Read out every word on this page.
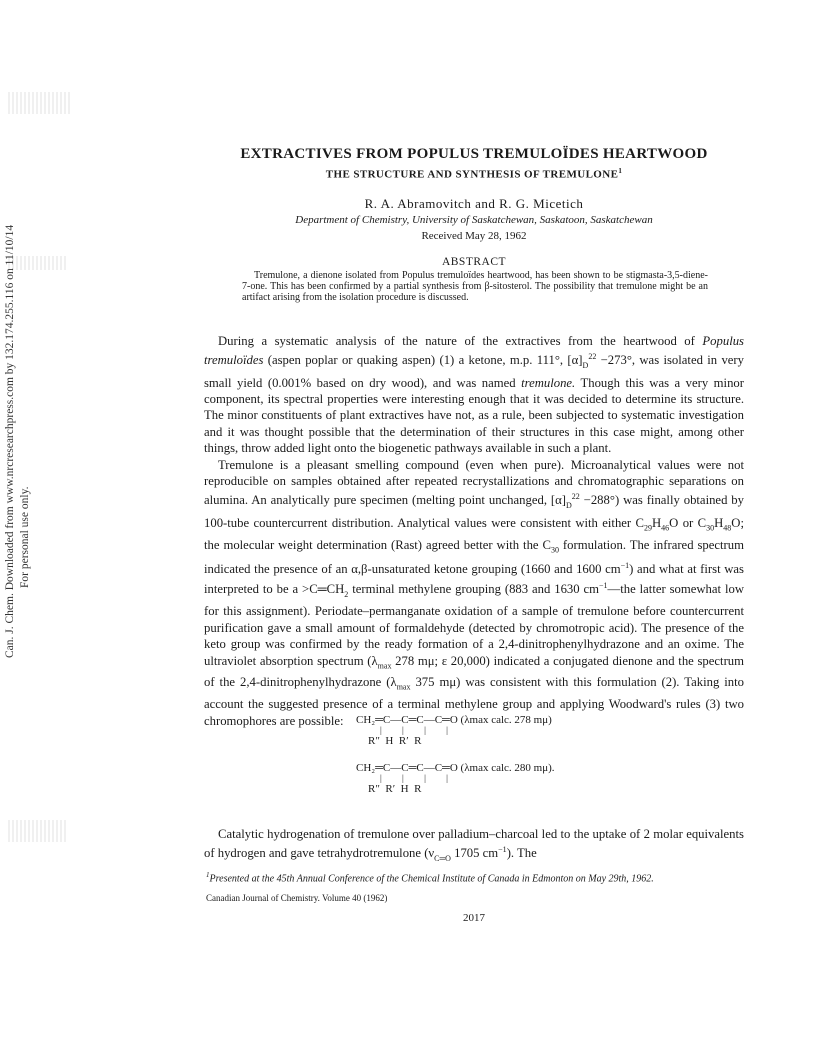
Can. J. Chem. Downloaded from www.nrcresearchpress.com by 132.174.255.116 on 11/10/14 For personal use only.
EXTRACTIVES FROM POPULUS TREMULOÏDES HEARTWOOD
THE STRUCTURE AND SYNTHESIS OF TREMULONE$^1$
R. A. Abramovitch and R. G. Micetich
Department of Chemistry, University of Saskatchewan, Saskatoon, Saskatchewan
Received May 28, 1962
ABSTRACT
Tremulone, a dienone isolated from Populus tremuloïdes heartwood, has been shown to be stigmasta-3,5-diene-7-one. This has been confirmed by a partial synthesis from β-sitosterol. The possibility that tremulone might be an artifact arising from the isolation procedure is discussed.

During a systematic analysis of the nature of the extractives from the heartwood of Populus tremuloïdes (aspen poplar or quaking aspen) (1) a ketone, m.p. 111°, $[\alpha]_D^{22} -273^\circ$, was isolated in very small yield (0.001% based on dry wood), and was named tremulone. Though this was a very minor component, its spectral properties were interesting enough that it was decided to determine its structure. The minor constituents of plant extractives have not, as a rule, been subjected to systematic investigation and it was thought possible that the determination of their structures in this case might, among other things, throw added light onto the biogenetic pathways available in such a plant.

Tremulone is a pleasant smelling compound (even when pure). Microanalytical values were not reproducible on samples obtained after repeated recrystallizations and chromatographic separations on alumina. An analytically pure specimen (melting point unchanged, $[\alpha]_D^{22} -288^\circ$) was finally obtained by 100-tube countercurrent distribution. Analytical values were consistent with either $C_{29}H_{46}O$ or $C_{30}H_{48}O$; the molecular weight determination (Rast) agreed better with the $C_{30}$ formulation. The infrared spectrum indicated the presence of an α,β-unsaturated ketone grouping (1660 and 1600 $cm^{-1}$) and what at first was interpreted to be $a >C═CH_2$ terminal methylene grouping (883 and 1630 $cm^{-1}—the$ latter somewhat low for this assignment). Periodate–permanganate oxidation of a sample of tremulone before countercurrent purification gave a small amount of formaldehyde (detected by chromotropic acid). The presence of the keto group was confirmed by the ready formation of a 2,4-dinitrophenylhydrazone and an oxime. The ultraviolet absorption spectrum ($\lambda_{max}$ 278 mμ; ε 20,000) indicated a conjugated dienone and the spectrum of the 2,4-dinitrophenylhydrazone ($\lambda_{max}$ 375 mμ) was consistent with this formulation (2). Taking into account the suggested presence of a terminal methylene group and applying Woodward's rules (3) two chromophores are possible:	CH₂═C—C═C—C═O (λmax calc. 278 mμ)
| | | |
R″  H  R′  R
CH₂═C—C═C—C═O (λmax calc. 280 mμ).
| | | |
R″  R′  H  R

Catalytic hydrogenation of tremulone over palladium–charcoal led to the uptake of 2 molar equivalents of hydrogen and gave tetrahydrotremulone ($\nu_{C═O}$ 1705 $cm^{-1}$). The

$^1$Presented at the 45th Annual Conference of the Chemical Institute of Canada in Edmonton on May 29th, 1962.
Canadian Journal of Chemistry. Volume 40 (1962)
2017
